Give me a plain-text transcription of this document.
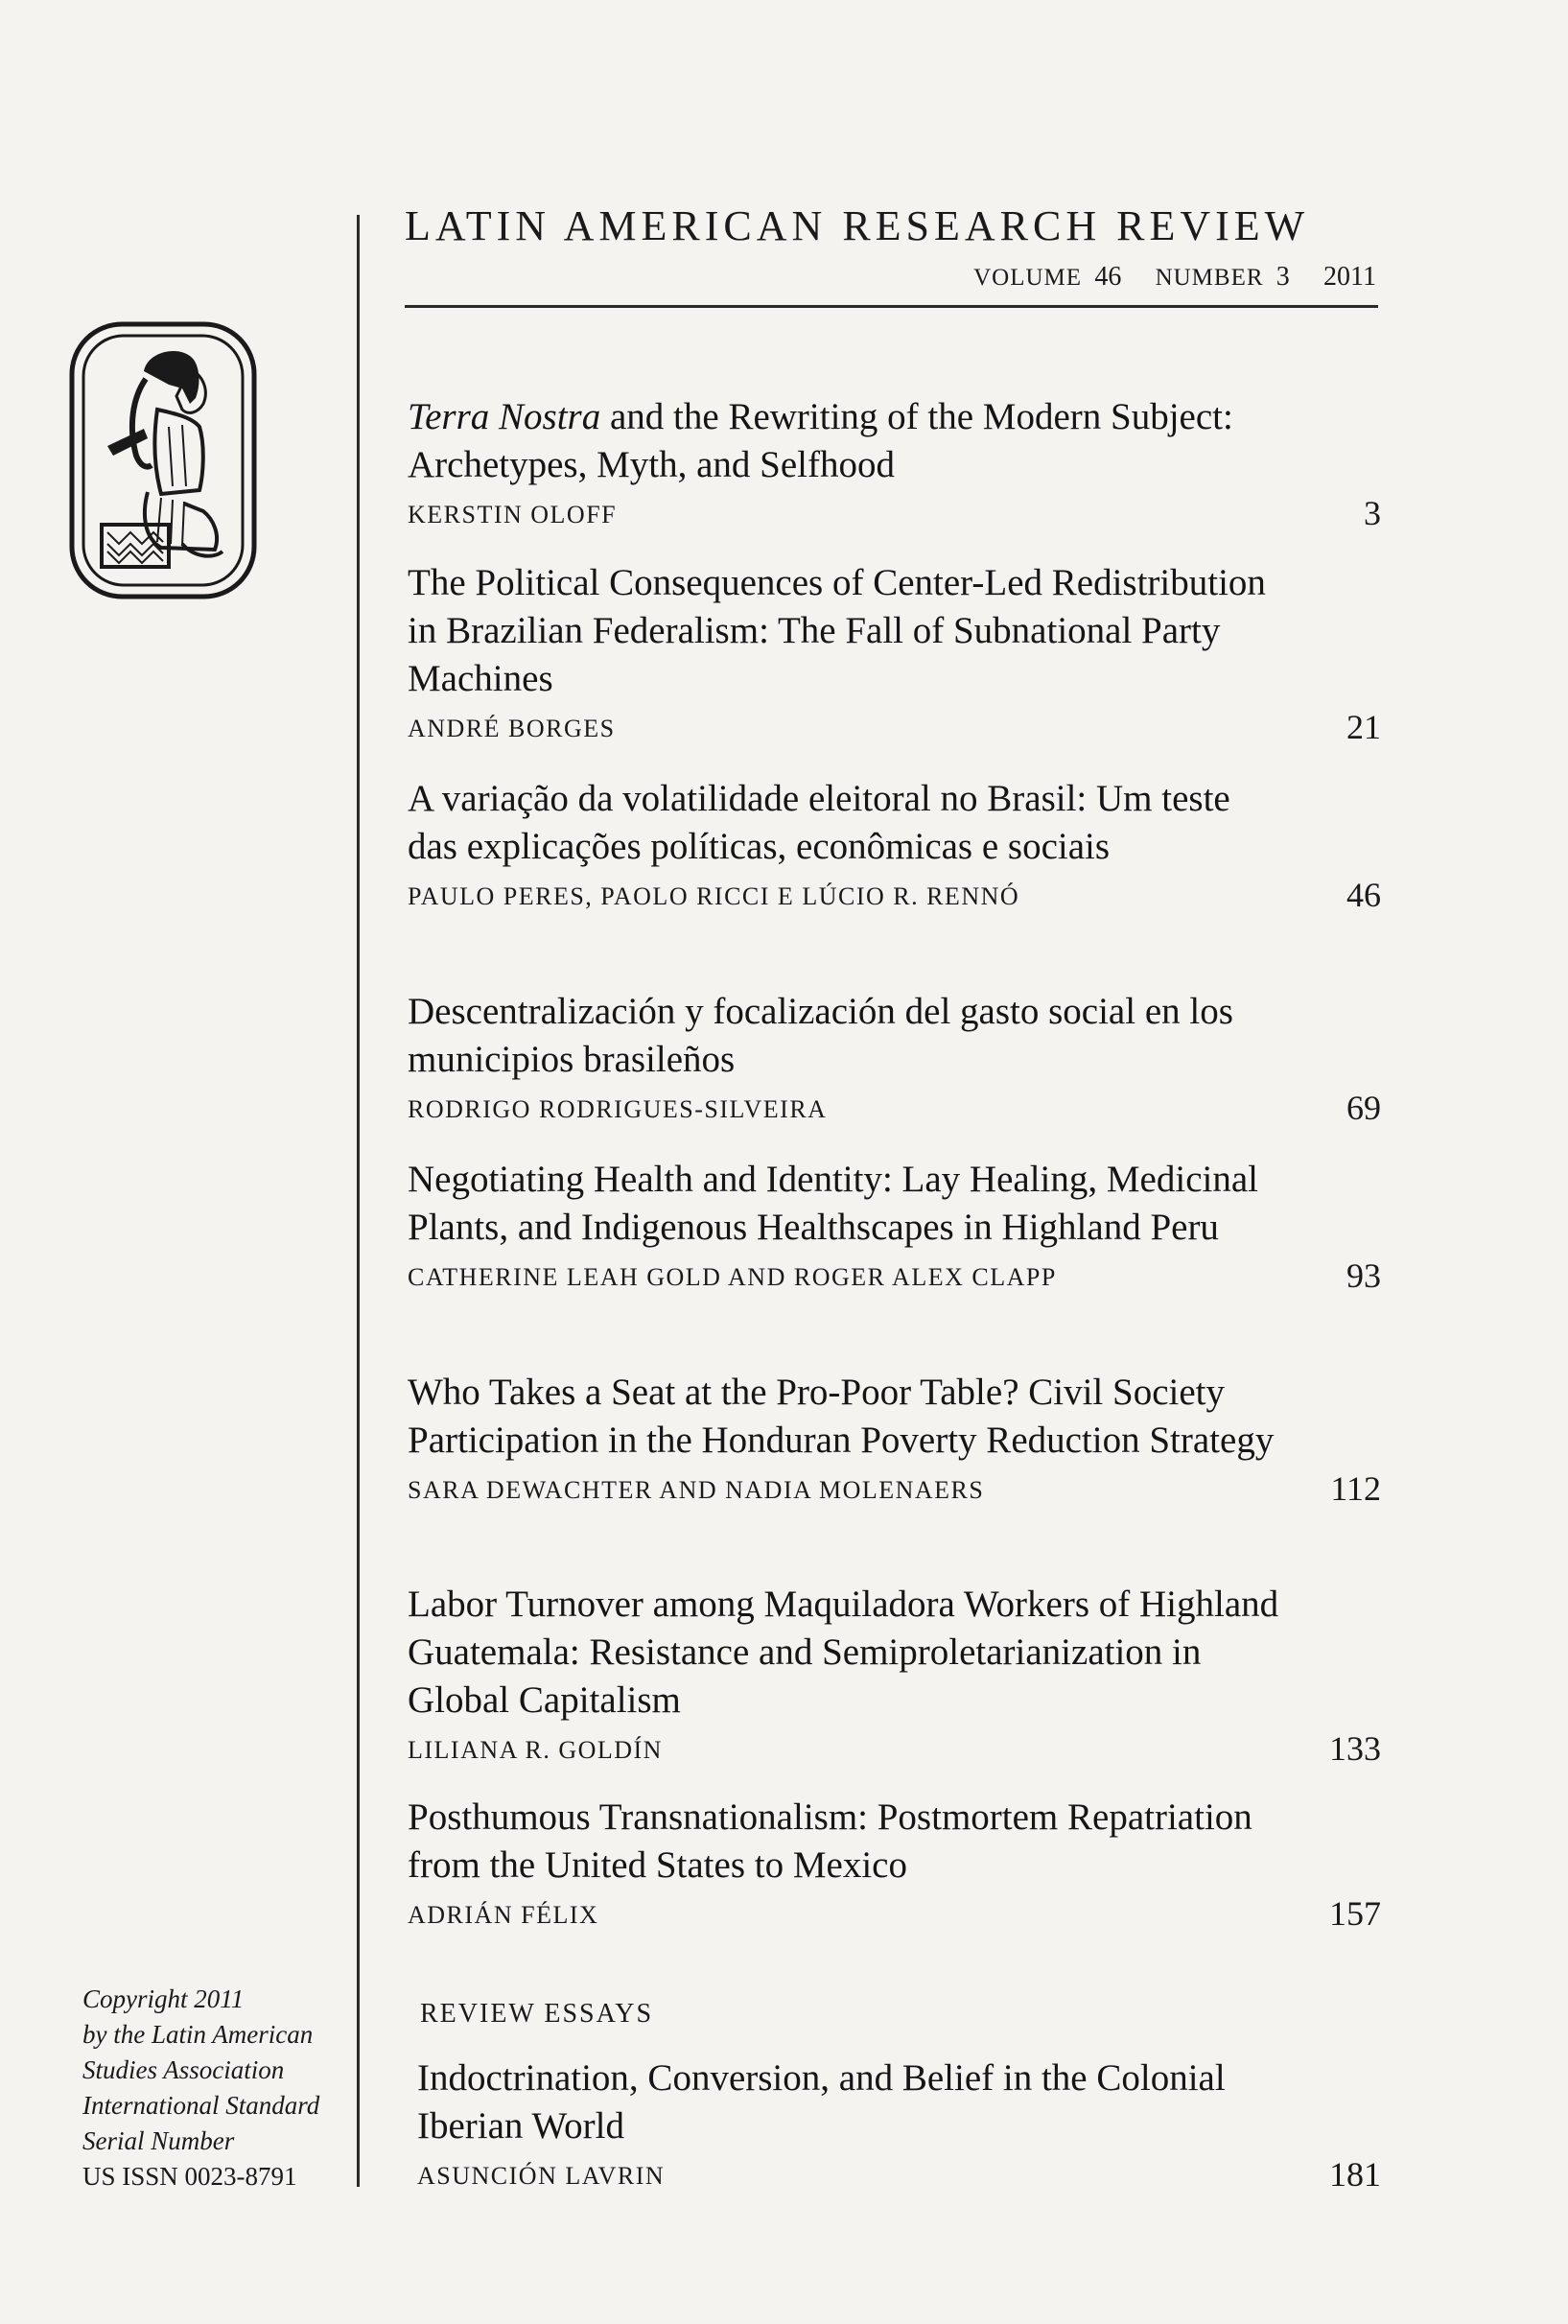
LATIN AMERICAN RESEARCH REVIEW
VOLUME 46 NUMBER 3 2011
Terra Nostra and the Rewriting of the Modern Subject: Archetypes, Myth, and Selfhood
KERSTIN OLOFF	3
The Political Consequences of Center-Led Redistribution in Brazilian Federalism: The Fall of Subnational Party Machines
ANDRÉ BORGES	21
A variação da volatilidade eleitoral no Brasil: Um teste das explicações políticas, econômicas e sociais
PAULO PERES, PAOLO RICCI E LÚCIO R. RENNÓ	46
Descentralización y focalización del gasto social en los municipios brasileños
RODRIGO RODRIGUES-SILVEIRA	69
Negotiating Health and Identity: Lay Healing, Medicinal Plants, and Indigenous Healthscapes in Highland Peru
CATHERINE LEAH GOLD AND ROGER ALEX CLAPP	93
Who Takes a Seat at the Pro-Poor Table? Civil Society Participation in the Honduran Poverty Reduction Strategy
SARA DEWACHTER AND NADIA MOLENAERS	112
Labor Turnover among Maquiladora Workers of Highland Guatemala: Resistance and Semiproletarianization in Global Capitalism
LILIANA R. GOLDÍN	133
Posthumous Transnationalism: Postmortem Repatriation from the United States to Mexico
ADRIÁN FÉLIX	157
REVIEW ESSAYS
Indoctrination, Conversion, and Belief in the Colonial Iberian World
ASUNCIÓN LAVRIN	181
Copyright 2011
by the Latin American
Studies Association
International Standard
Serial Number
US ISSN 0023-8791
